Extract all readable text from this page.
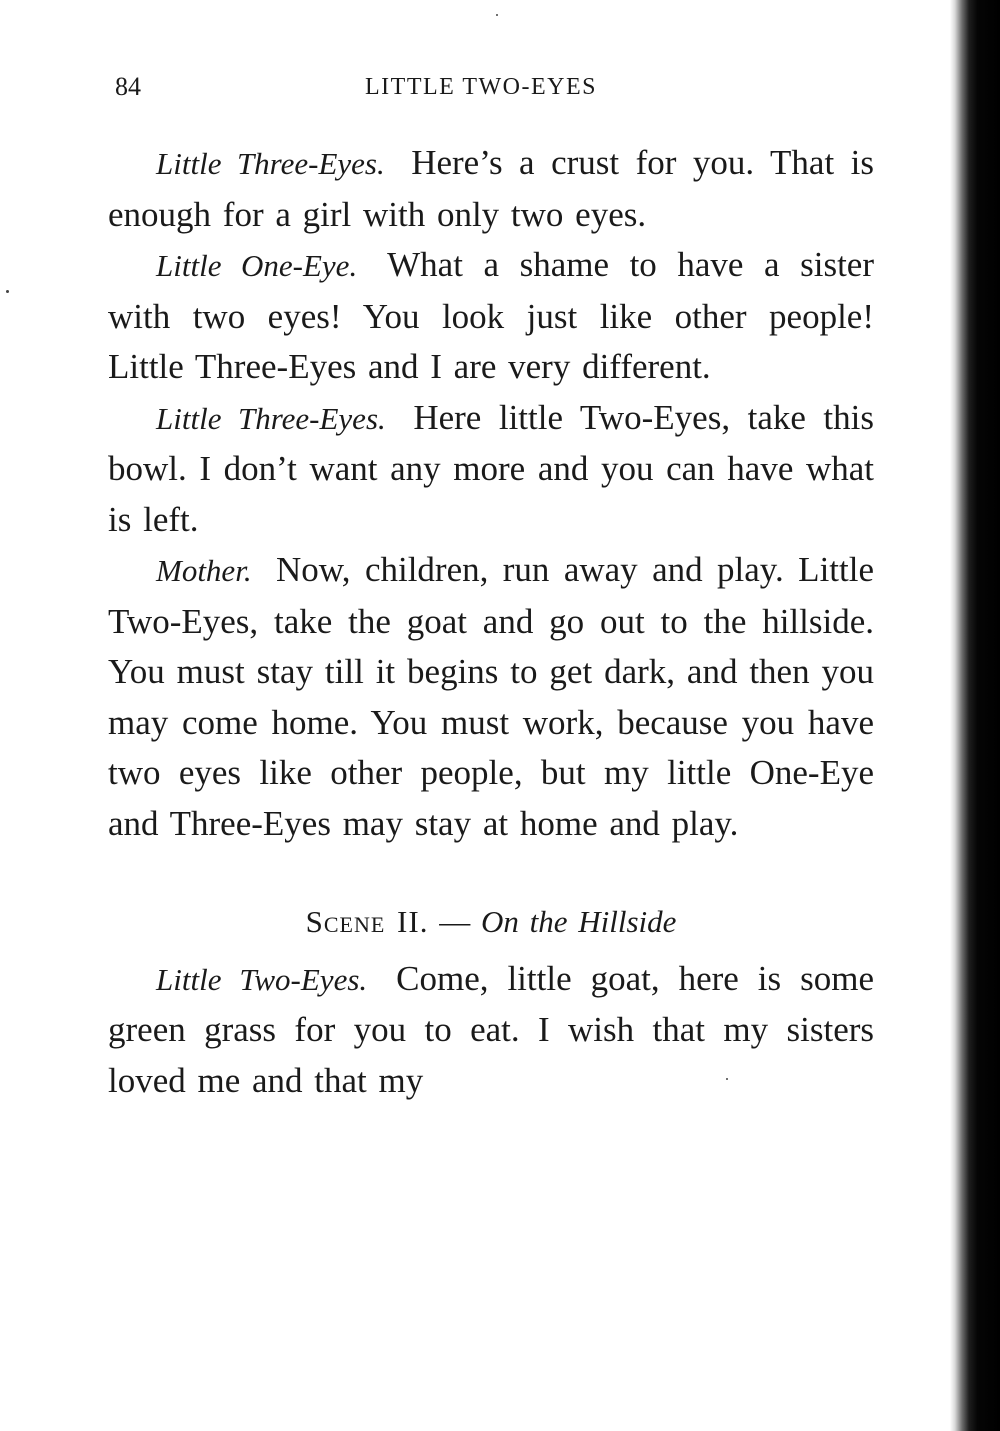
84	LITTLE TWO-EYES

Little Three-Eyes. Here’s a crust for you. That is enough for a girl with only two eyes.

Little One-Eye. What a shame to have a sister with two eyes! You look just like other people! Little Three-Eyes and I are very different.

Little Three-Eyes. Here little Two-Eyes, take this bowl. I don’t want any more and you can have what is left.

Mother. Now, children, run away and play. Little Two-Eyes, take the goat and go out to the hillside. You must stay till it begins to get dark, and then you may come home. You must work, because you have two eyes like other people, but my little One-Eye and Three-Eyes may stay at home and play.

Scene II. — On the Hillside

Little Two-Eyes. Come, little goat, here is some green grass for you to eat. I wish that my sisters loved me and that my
